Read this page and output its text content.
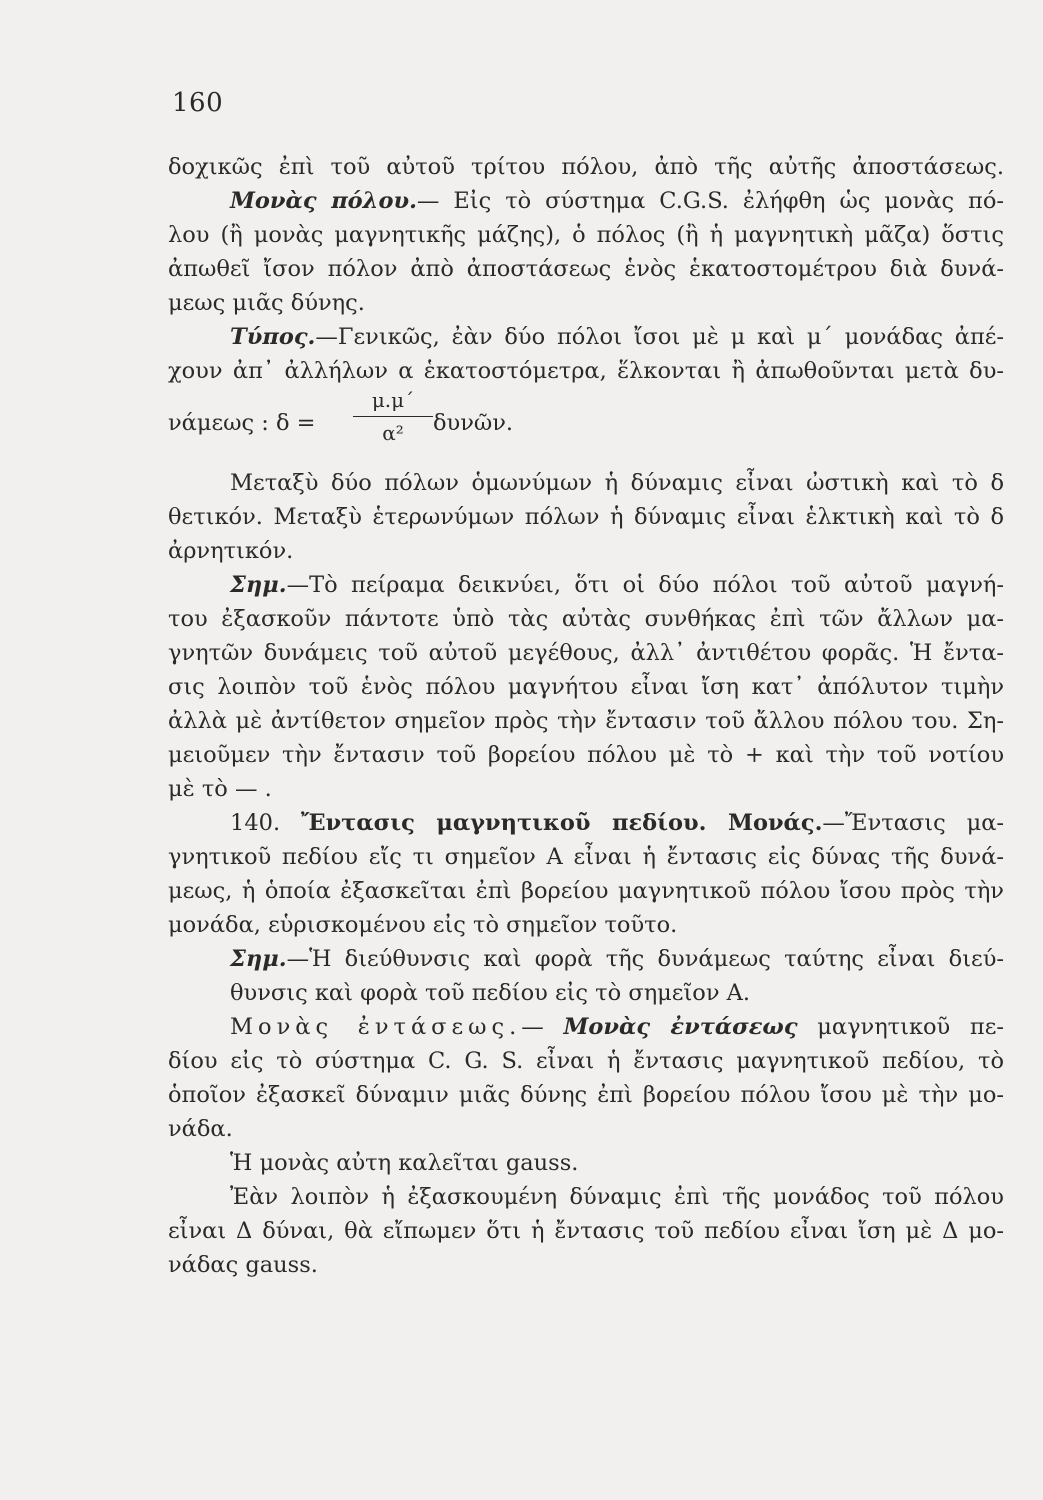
160
δοχικῶς ἐπὶ τοῦ αὐτοῦ τρίτου πόλου, ἀπὸ τῆς αὐτῆς ἀποστάσεως.
Μονὰς πόλου.— Εἰς τὸ σύστημα C.G.S. ἐλήφθη ὡς μονὰς πό-
λου (ἢ μονὰς μαγνητικῆς μάζης), ὁ πόλος (ἢ ἡ μαγνητικὴ μᾶζα) ὅστις
ἀπωθεῖ ἴσον πόλον ἀπὸ ἀποστάσεως ἑνὸς ἑκατοστομέτρου διὰ δυνά-
μεως μιᾶς δύνης.
Τύπος.—Γενικῶς, ἐὰν δύο πόλοι ἴσοι μὲ μ καὶ μ΄ μονάδας ἀπέ-
χουν ἀπ᾿ ἀλλήλων α ἑκατοστόμετρα, ἕλκονται ἢ ἀπωθοῦνται μετὰ δυ-
νάμεως : δ =
μ.μ΄
α²	δυνῶν.
Μεταξὺ δύο πόλων ὁμωνύμων ἡ δύναμις εἶναι ὠστικὴ καὶ τὸ δ
θετικόν. Μεταξὺ ἑτερωνύμων πόλων ἡ δύναμις εἶναι ἑλκτικὴ καὶ τὸ δ
ἀρνητικόν.
Σημ.—Τὸ πείραμα δεικνύει, ὅτι οἱ δύο πόλοι τοῦ αὐτοῦ μαγνή-
του ἐξασκοῦν πάντοτε ὑπὸ τὰς αὐτὰς συνθήκας ἐπὶ τῶν ἄλλων μα-
γνητῶν δυνάμεις τοῦ αὐτοῦ μεγέθους, ἀλλ᾿ ἀντιθέτου φορᾶς. Ἡ ἔντα-
σις λοιπὸν τοῦ ἑνὸς πόλου μαγνήτου εἶναι ἴση κατ᾿ ἀπόλυτον τιμὴν
ἀλλὰ μὲ ἀντίθετον σημεῖον πρὸς τὴν ἔντασιν τοῦ ἄλλου πόλου του. Ση-
μειοῦμεν τὴν ἔντασιν τοῦ βορείου πόλου μὲ τὸ + καὶ τὴν τοῦ νοτίου
μὲ τὸ — .
140. Ἔντασις μαγνητικοῦ πεδίου. Μονάς.—Ἔντασις μα-
γνητικοῦ πεδίου εἴς τι σημεῖον Α εἶναι ἡ ἔντασις εἰς δύνας τῆς δυνά-
μεως, ἡ ὁποία ἐξασκεῖται ἐπὶ βορείου μαγνητικοῦ πόλου ἴσου πρὸς τὴν
μονάδα, εὑρισκομένου εἰς τὸ σημεῖον τοῦτο.
Σημ.—Ἡ διεύθυνσις καὶ φορὰ τῆς δυνάμεως ταύτης εἶναι διεύ-
θυνσις καὶ φορὰ τοῦ πεδίου εἰς τὸ σημεῖον Α.
Μονὰς ἐντάσεως.— Μονὰς ἐντάσεως μαγνητικοῦ πε-
δίου εἰς τὸ σύστημα C. G. S. εἶναι ἡ ἔντασις μαγνητικοῦ πεδίου, τὸ
ὁποῖον ἐξασκεῖ δύναμιν μιᾶς δύνης ἐπὶ βορείου πόλου ἴσου μὲ τὴν μο-
νάδα.
Ἡ μονὰς αὐτη καλεῖται gauss.
Ἐὰν λοιπὸν ἡ ἐξασκουμένη δύναμις ἐπὶ τῆς μονάδος τοῦ πόλου
εἶναι Δ δύναι, θὰ εἴπωμεν ὅτι ἡ ἔντασις τοῦ πεδίου εἶναι ἴση μὲ Δ μο-
νάδας gauss.
